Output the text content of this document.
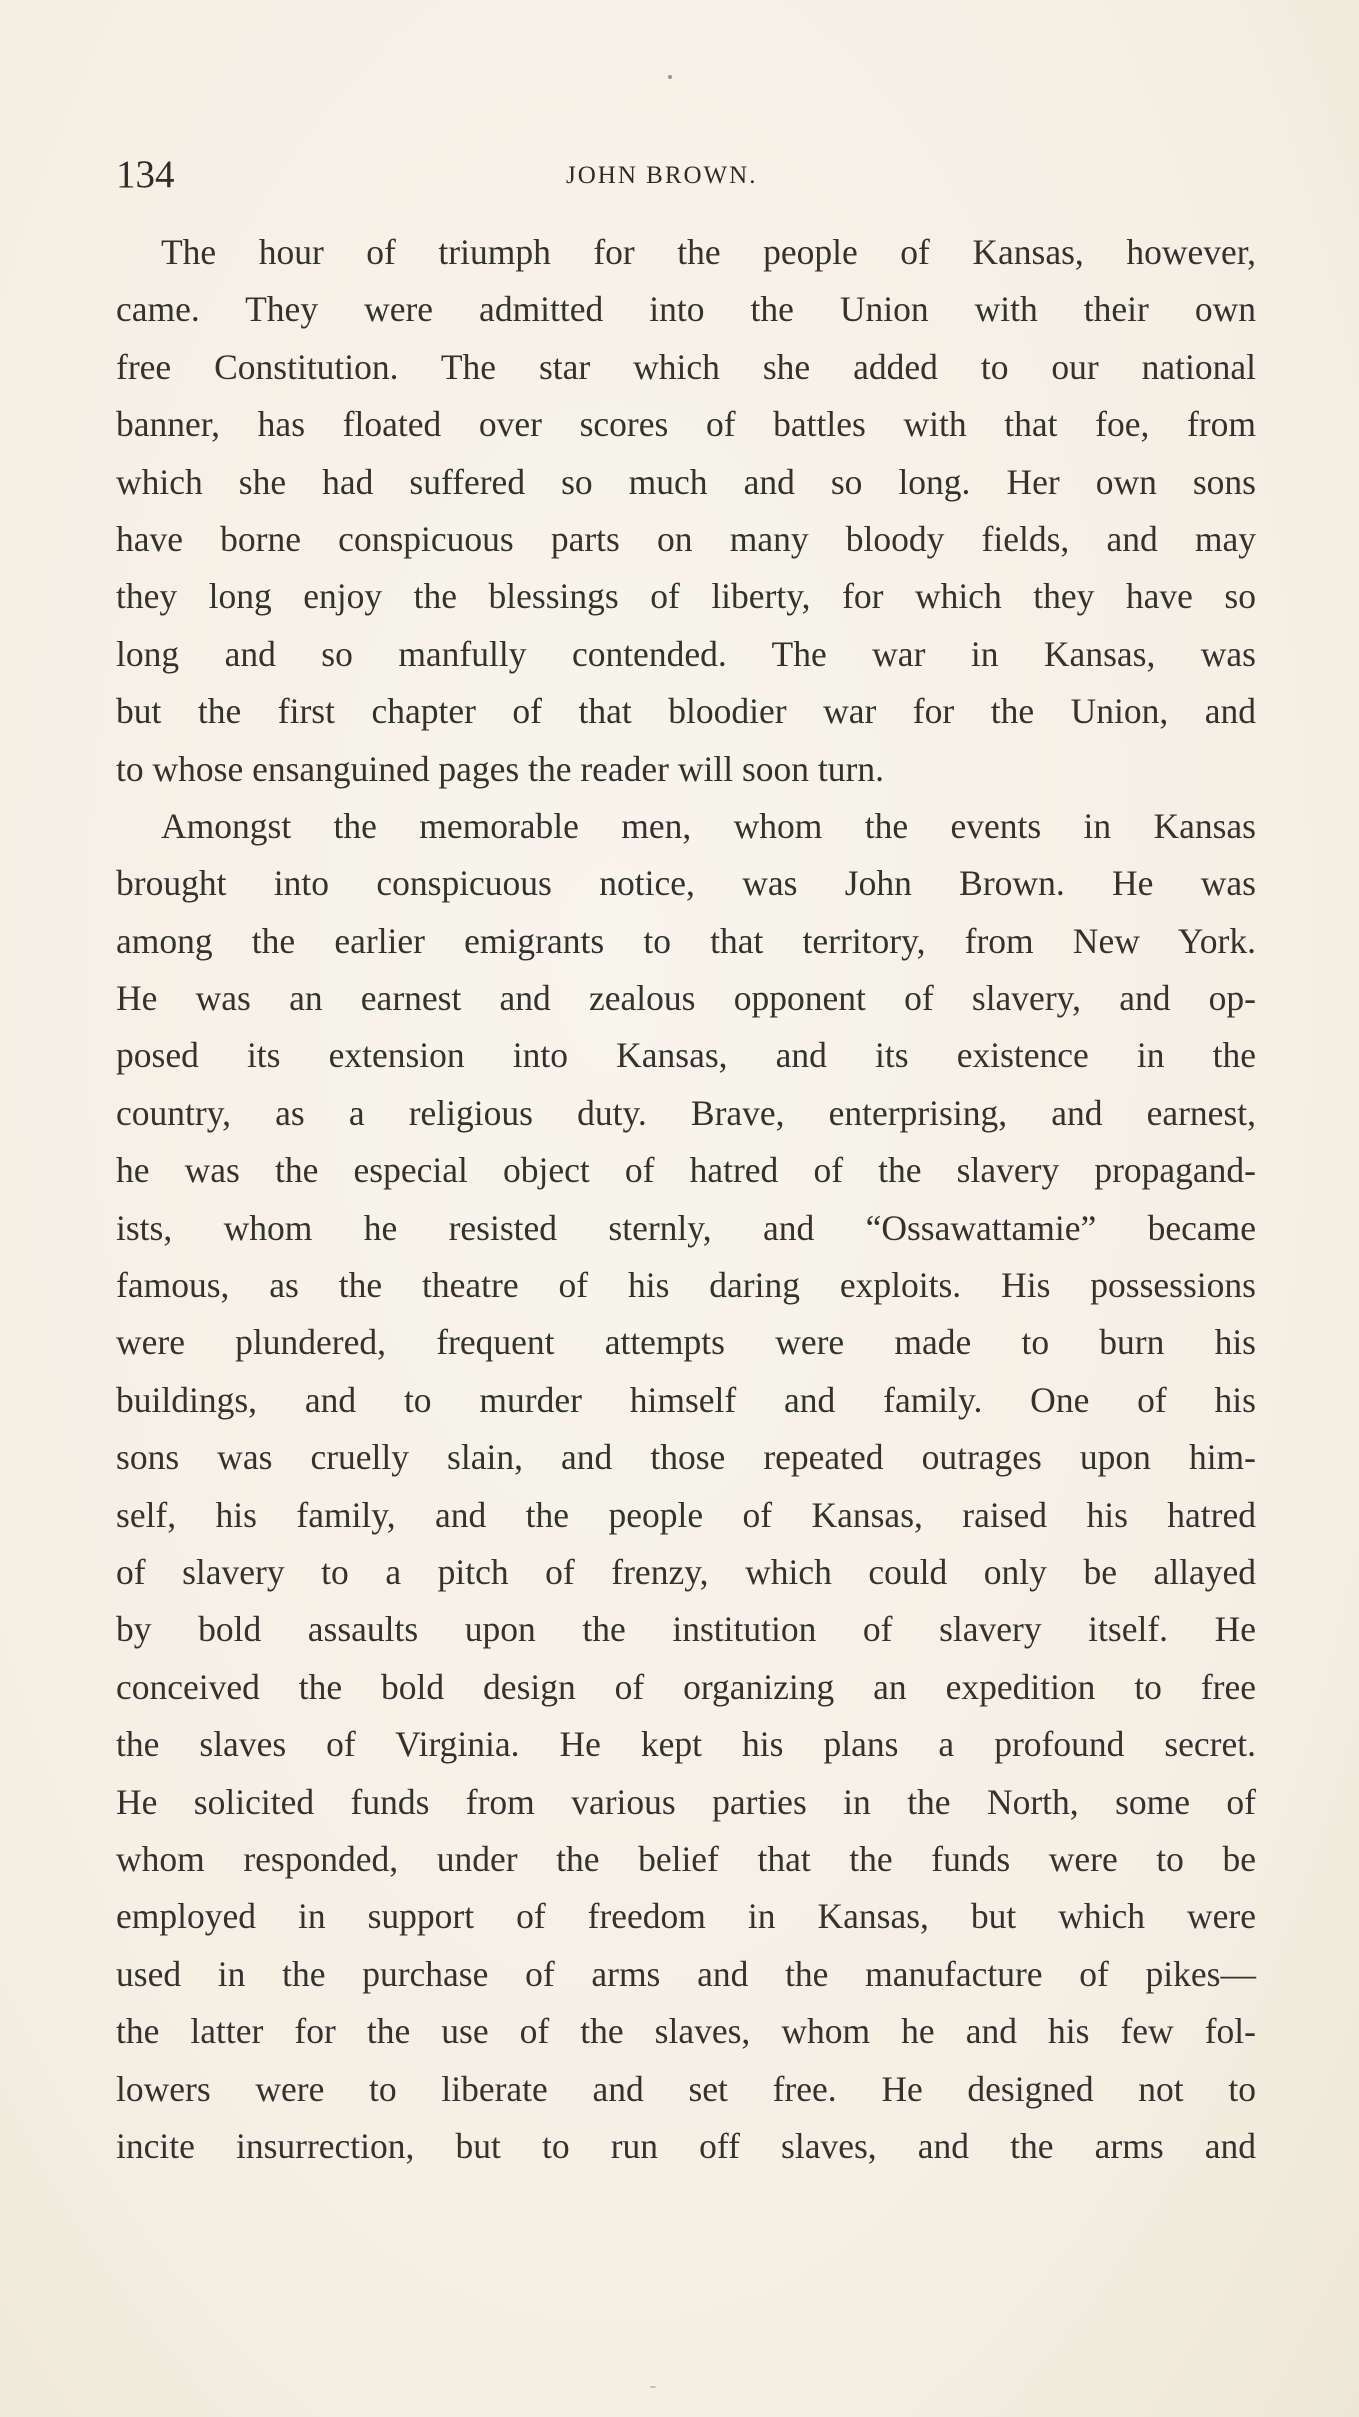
134	JOHN BROWN.
The hour of triumph for the people of Kansas, however,
came. They were admitted into the Union with their own
free Constitution. The star which she added to our national
banner, has floated over scores of battles with that foe, from
which she had suffered so much and so long. Her own sons
have borne conspicuous parts on many bloody fields, and may
they long enjoy the blessings of liberty, for which they have so
long and so manfully contended. The war in Kansas, was
but the first chapter of that bloodier war for the Union, and
to whose ensanguined pages the reader will soon turn.
Amongst the memorable men, whom the events in Kansas
brought into conspicuous notice, was John Brown. He was
among the earlier emigrants to that territory, from New York.
He was an earnest and zealous opponent of slavery, and op-
posed its extension into Kansas, and its existence in the
country, as a religious duty. Brave, enterprising, and earnest,
he was the especial object of hatred of the slavery propagand-
ists, whom he resisted sternly, and “Ossawattamie” became
famous, as the theatre of his daring exploits. His possessions
were plundered, frequent attempts were made to burn his
buildings, and to murder himself and family. One of his
sons was cruelly slain, and those repeated outrages upon him-
self, his family, and the people of Kansas, raised his hatred
of slavery to a pitch of frenzy, which could only be allayed
by bold assaults upon the institution of slavery itself. He
conceived the bold design of organizing an expedition to free
the slaves of Virginia. He kept his plans a profound secret.
He solicited funds from various parties in the North, some of
whom responded, under the belief that the funds were to be
employed in support of freedom in Kansas, but which were
used in the purchase of arms and the manufacture of pikes—
the latter for the use of the slaves, whom he and his few fol-
lowers were to liberate and set free. He designed not to
incite insurrection, but to run off slaves, and the arms and
